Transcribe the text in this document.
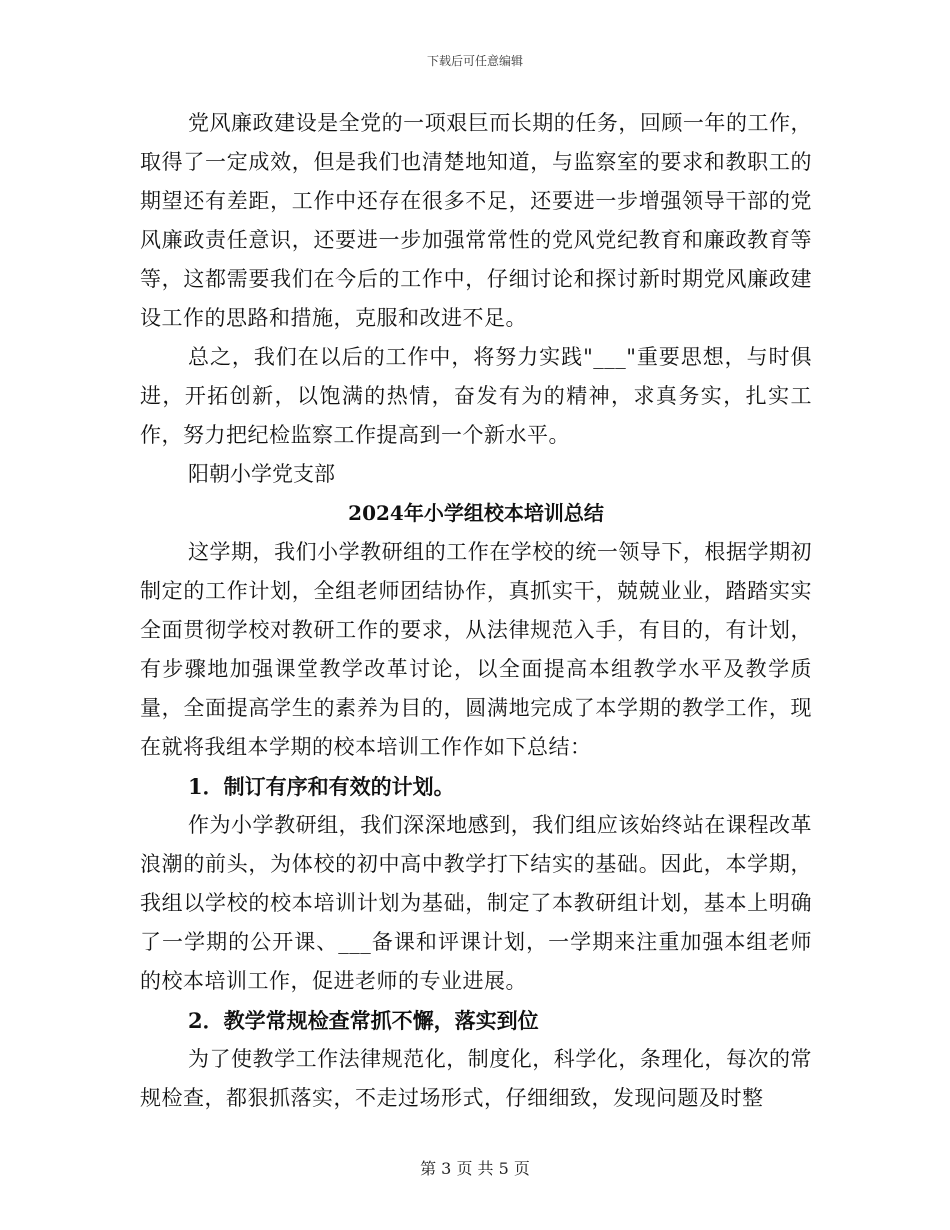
下载后可任意编辑

党风廉政建设是全党的一项艰巨而长期的任务，回顾一年的工作，取得了一定成效，但是我们也清楚地知道，与监察室的要求和教职工的期望还有差距，工作中还存在很多不足，还要进一步增强领导干部的党风廉政责任意识，还要进一步加强常常性的党风党纪教育和廉政教育等等，这都需要我们在今后的工作中，仔细讨论和探讨新时期党风廉政建设工作的思路和措施，克服和改进不足。

总之，我们在以后的工作中，将努力实践"___"重要思想，与时俱进，开拓创新，以饱满的热情，奋发有为的精神，求真务实，扎实工作，努力把纪检监察工作提高到一个新水平。

阳朝小学党支部

2024年小学组校本培训总结

这学期，我们小学教研组的工作在学校的统一领导下，根据学期初制定的工作计划，全组老师团结协作，真抓实干，兢兢业业，踏踏实实全面贯彻学校对教研工作的要求，从法律规范入手，有目的，有计划，有步骤地加强课堂教学改革讨论，以全面提高本组教学水平及教学质量，全面提高学生的素养为目的，圆满地完成了本学期的教学工作，现在就将我组本学期的校本培训工作作如下总结：

1．制订有序和有效的计划。

作为小学教研组，我们深深地感到，我们组应该始终站在课程改革浪潮的前头，为体校的初中高中教学打下结实的基础。因此，本学期，我组以学校的校本培训计划为基础，制定了本教研组计划，基本上明确了一学期的公开课、___备课和评课计划，一学期来注重加强本组老师的校本培训工作，促进老师的专业进展。

2．教学常规检查常抓不懈，落实到位

为了使教学工作法律规范化，制度化，科学化，条理化，每次的常规检查，都狠抓落实，不走过场形式，仔细细致，发现问题及时整

第 3 页 共 5 页
